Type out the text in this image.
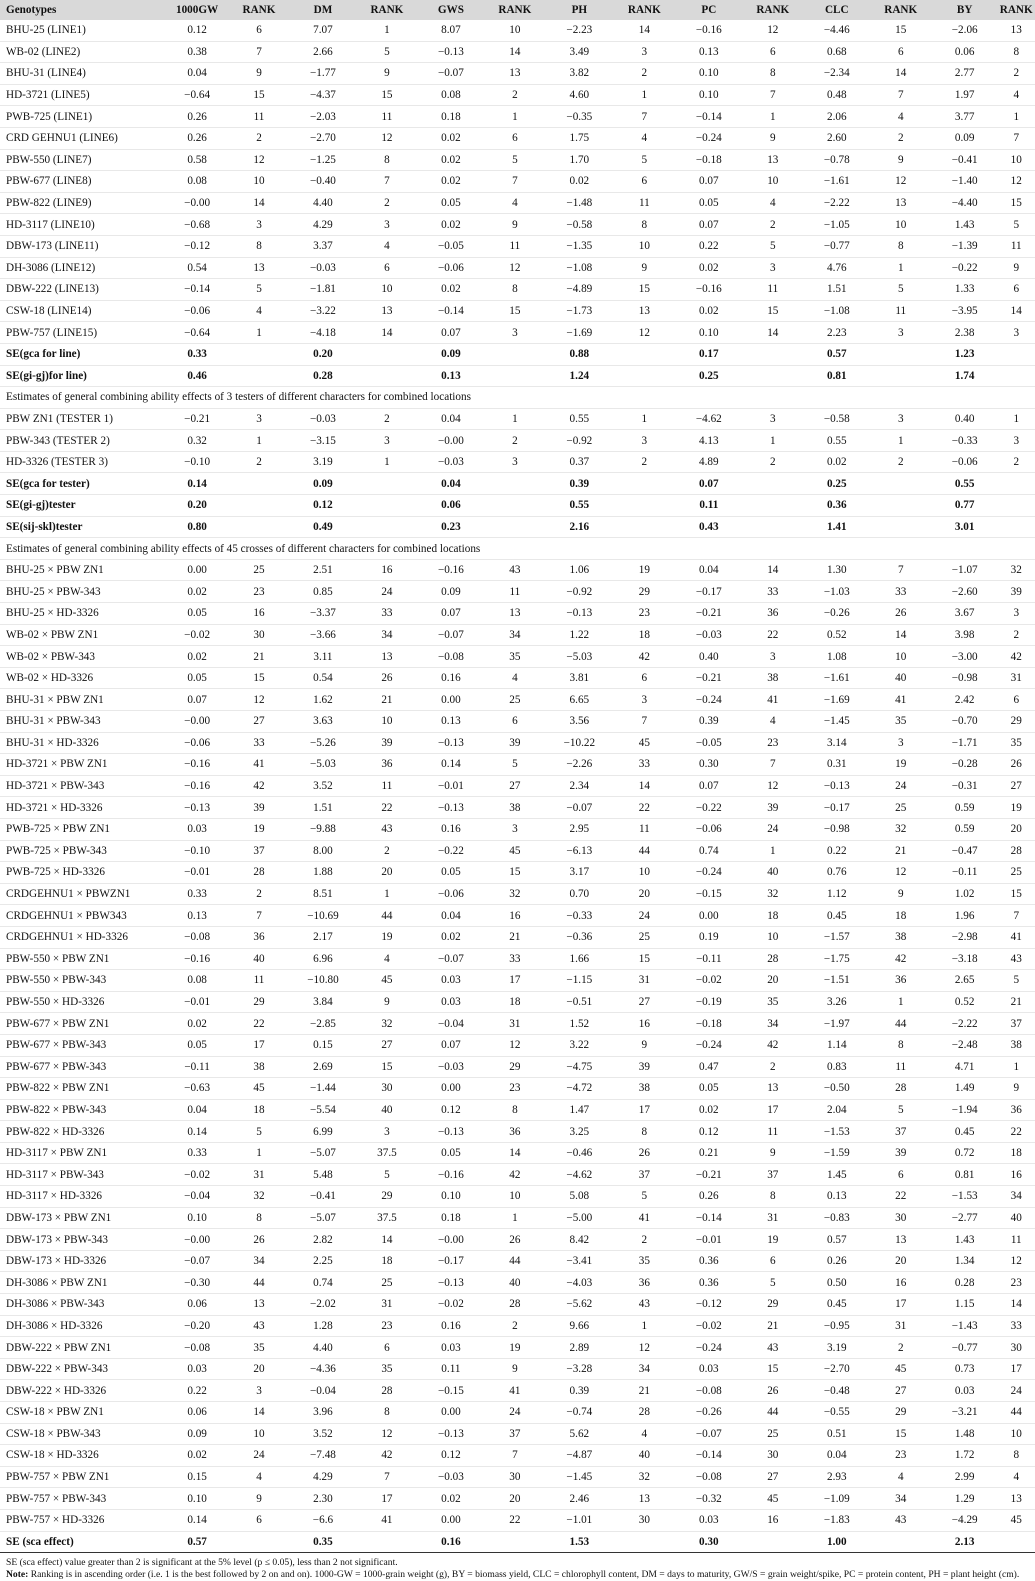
Genotypes	1000GW	RANK	DM	RANK	GWS	RANK	PH	RANK	PC	RANK	CLC	RANK	BY	RANK
BHU-25 (LINE1)	0.12	6	7.07	1	8.07	10	−2.23	14	−0.16	12	−4.46	15	−2.06	13
WB-02 (LINE2)	0.38	7	2.66	5	−0.13	14	3.49	3	0.13	6	0.68	6	0.06	8
BHU-31 (LINE4)	0.04	9	−1.77	9	−0.07	13	3.82	2	0.10	8	−2.34	14	2.77	2
HD-3721 (LINE5)	−0.64	15	−4.37	15	0.08	2	4.60	1	0.10	7	0.48	7	1.97	4
PWB-725 (LINE1)	0.26	11	−2.03	11	0.18	1	−0.35	7	−0.14	1	2.06	4	3.77	1
CRD GEHNU1 (LINE6)	0.26	2	−2.70	12	0.02	6	1.75	4	−0.24	9	2.60	2	0.09	7
PBW-550 (LINE7)	0.58	12	−1.25	8	0.02	5	1.70	5	−0.18	13	−0.78	9	−0.41	10
PBW-677 (LINE8)	0.08	10	−0.40	7	0.02	7	0.02	6	0.07	10	−1.61	12	−1.40	12
PBW-822 (LINE9)	−0.00	14	4.40	2	0.05	4	−1.48	11	0.05	4	−2.22	13	−4.40	15
HD-3117 (LINE10)	−0.68	3	4.29	3	0.02	9	−0.58	8	0.07	2	−1.05	10	1.43	5
DBW-173 (LINE11)	−0.12	8	3.37	4	−0.05	11	−1.35	10	0.22	5	−0.77	8	−1.39	11
DH-3086 (LINE12)	0.54	13	−0.03	6	−0.06	12	−1.08	9	0.02	3	4.76	1	−0.22	9
DBW-222 (LINE13)	−0.14	5	−1.81	10	0.02	8	−4.89	15	−0.16	11	1.51	5	1.33	6
CSW-18 (LINE14)	−0.06	4	−3.22	13	−0.14	15	−1.73	13	0.02	15	−1.08	11	−3.95	14
PBW-757 (LINE15)	−0.64	1	−4.18	14	0.07	3	−1.69	12	0.10	14	2.23	3	2.38	3
SE(gca for line)	0.33		0.20		0.09		0.88		0.17		0.57		1.23	
SE(gi-gj)for line)	0.46		0.28		0.13		1.24		0.25		0.81		1.74	
Estimates of general combining ability effects of 3 testers of different characters for combined locations														
PBW ZN1 (TESTER 1)	−0.21	3	−0.03	2	0.04	1	0.55	1	−4.62	3	−0.58	3	0.40	1
PBW-343 (TESTER 2)	0.32	1	−3.15	3	−0.00	2	−0.92	3	4.13	1	0.55	1	−0.33	3
HD-3326 (TESTER 3)	−0.10	2	3.19	1	−0.03	3	0.37	2	4.89	2	0.02	2	−0.06	2
SE(gca for tester)	0.14		0.09		0.04		0.39		0.07		0.25		0.55	
SE(gi-gj)tester	0.20		0.12		0.06		0.55		0.11		0.36		0.77	
SE(sij-skl)tester	0.80		0.49		0.23		2.16		0.43		1.41		3.01	
Estimates of general combining ability effects of 45 crosses of different characters for combined locations														
BHU-25 × PBW ZN1	0.00	25	2.51	16	−0.16	43	1.06	19	0.04	14	1.30	7	−1.07	32
BHU-25 × PBW-343	0.02	23	0.85	24	0.09	11	−0.92	29	−0.17	33	−1.03	33	−2.60	39
BHU-25 × HD-3326	0.05	16	−3.37	33	0.07	13	−0.13	23	−0.21	36	−0.26	26	3.67	3
WB-02 × PBW ZN1	−0.02	30	−3.66	34	−0.07	34	1.22	18	−0.03	22	0.52	14	3.98	2
WB-02 × PBW-343	0.02	21	3.11	13	−0.08	35	−5.03	42	0.40	3	1.08	10	−3.00	42
WB-02 × HD-3326	0.05	15	0.54	26	0.16	4	3.81	6	−0.21	38	−1.61	40	−0.98	31
BHU-31 × PBW ZN1	0.07	12	1.62	21	0.00	25	6.65	3	−0.24	41	−1.69	41	2.42	6
BHU-31 × PBW-343	−0.00	27	3.63	10	0.13	6	3.56	7	0.39	4	−1.45	35	−0.70	29
BHU-31 × HD-3326	−0.06	33	−5.26	39	−0.13	39	−10.22	45	−0.05	23	3.14	3	−1.71	35
HD-3721 × PBW ZN1	−0.16	41	−5.03	36	0.14	5	−2.26	33	0.30	7	0.31	19	−0.28	26
HD-3721 × PBW-343	−0.16	42	3.52	11	−0.01	27	2.34	14	0.07	12	−0.13	24	−0.31	27
HD-3721 × HD-3326	−0.13	39	1.51	22	−0.13	38	−0.07	22	−0.22	39	−0.17	25	0.59	19
PWB-725 × PBW ZN1	0.03	19	−9.88	43	0.16	3	2.95	11	−0.06	24	−0.98	32	0.59	20
PWB-725 × PBW-343	−0.10	37	8.00	2	−0.22	45	−6.13	44	0.74	1	0.22	21	−0.47	28
PWB-725 × HD-3326	−0.01	28	1.88	20	0.05	15	3.17	10	−0.24	40	0.76	12	−0.11	25
CRDGEHNU1 × PBWZN1	0.33	2	8.51	1	−0.06	32	0.70	20	−0.15	32	1.12	9	1.02	15
CRDGEHNU1 × PBW343	0.13	7	−10.69	44	0.04	16	−0.33	24	0.00	18	0.45	18	1.96	7
CRDGEHNU1 × HD-3326	−0.08	36	2.17	19	0.02	21	−0.36	25	0.19	10	−1.57	38	−2.98	41
PBW-550 × PBW ZN1	−0.16	40	6.96	4	−0.07	33	1.66	15	−0.11	28	−1.75	42	−3.18	43
PBW-550 × PBW-343	0.08	11	−10.80	45	0.03	17	−1.15	31	−0.02	20	−1.51	36	2.65	5
PBW-550 × HD-3326	−0.01	29	3.84	9	0.03	18	−0.51	27	−0.19	35	3.26	1	0.52	21
PBW-677 × PBW ZN1	0.02	22	−2.85	32	−0.04	31	1.52	16	−0.18	34	−1.97	44	−2.22	37
PBW-677 × PBW-343	0.05	17	0.15	27	0.07	12	3.22	9	−0.24	42	1.14	8	−2.48	38
PBW-677 × PBW-343	−0.11	38	2.69	15	−0.03	29	−4.75	39	0.47	2	0.83	11	4.71	1
PBW-822 × PBW ZN1	−0.63	45	−1.44	30	0.00	23	−4.72	38	0.05	13	−0.50	28	1.49	9
PBW-822 × PBW-343	0.04	18	−5.54	40	0.12	8	1.47	17	0.02	17	2.04	5	−1.94	36
PBW-822 × HD-3326	0.14	5	6.99	3	−0.13	36	3.25	8	0.12	11	−1.53	37	0.45	22
HD-3117 × PBW ZN1	0.33	1	−5.07	37.5	0.05	14	−0.46	26	0.21	9	−1.59	39	0.72	18
HD-3117 × PBW-343	−0.02	31	5.48	5	−0.16	42	−4.62	37	−0.21	37	1.45	6	0.81	16
HD-3117 × HD-3326	−0.04	32	−0.41	29	0.10	10	5.08	5	0.26	8	0.13	22	−1.53	34
DBW-173 × PBW ZN1	0.10	8	−5.07	37.5	0.18	1	−5.00	41	−0.14	31	−0.83	30	−2.77	40
DBW-173 × PBW-343	−0.00	26	2.82	14	−0.00	26	8.42	2	−0.01	19	0.57	13	1.43	11
DBW-173 × HD-3326	−0.07	34	2.25	18	−0.17	44	−3.41	35	0.36	6	0.26	20	1.34	12
DH-3086 × PBW ZN1	−0.30	44	0.74	25	−0.13	40	−4.03	36	0.36	5	0.50	16	0.28	23
DH-3086 × PBW-343	0.06	13	−2.02	31	−0.02	28	−5.62	43	−0.12	29	0.45	17	1.15	14
DH-3086 × HD-3326	−0.20	43	1.28	23	0.16	2	9.66	1	−0.02	21	−0.95	31	−1.43	33
DBW-222 × PBW ZN1	−0.08	35	4.40	6	0.03	19	2.89	12	−0.24	43	3.19	2	−0.77	30
DBW-222 × PBW-343	0.03	20	−4.36	35	0.11	9	−3.28	34	0.03	15	−2.70	45	0.73	17
DBW-222 × HD-3326	0.22	3	−0.04	28	−0.15	41	0.39	21	−0.08	26	−0.48	27	0.03	24
CSW-18 × PBW ZN1	0.06	14	3.96	8	0.00	24	−0.74	28	−0.26	44	−0.55	29	−3.21	44
CSW-18 × PBW-343	0.09	10	3.52	12	−0.13	37	5.62	4	−0.07	25	0.51	15	1.48	10
CSW-18 × HD-3326	0.02	24	−7.48	42	0.12	7	−4.87	40	−0.14	30	0.04	23	1.72	8
PBW-757 × PBW ZN1	0.15	4	4.29	7	−0.03	30	−1.45	32	−0.08	27	2.93	4	2.99	4
PBW-757 × PBW-343	0.10	9	2.30	17	0.02	20	2.46	13	−0.32	45	−1.09	34	1.29	13
PBW-757 × HD-3326	0.14	6	−6.6	41	0.00	22	−1.01	30	0.03	16	−1.83	43	−4.29	45
SE (sca effect)	0.57		0.35		0.16		1.53		0.30		1.00		2.13	
SE (sca effect) value greater than 2 is significant at the 5% level (p ≤ 0.05), less than 2 not significant.
Note: Ranking is in ascending order (i.e. 1 is the best followed by 2 on and on). 1000-GW = 1000-grain weight (g), BY = biomass yield, CLC = chlorophyll content, DM = days to maturity, GW/S = grain weight/spike, PC = protein content, PH = plant height (cm).
